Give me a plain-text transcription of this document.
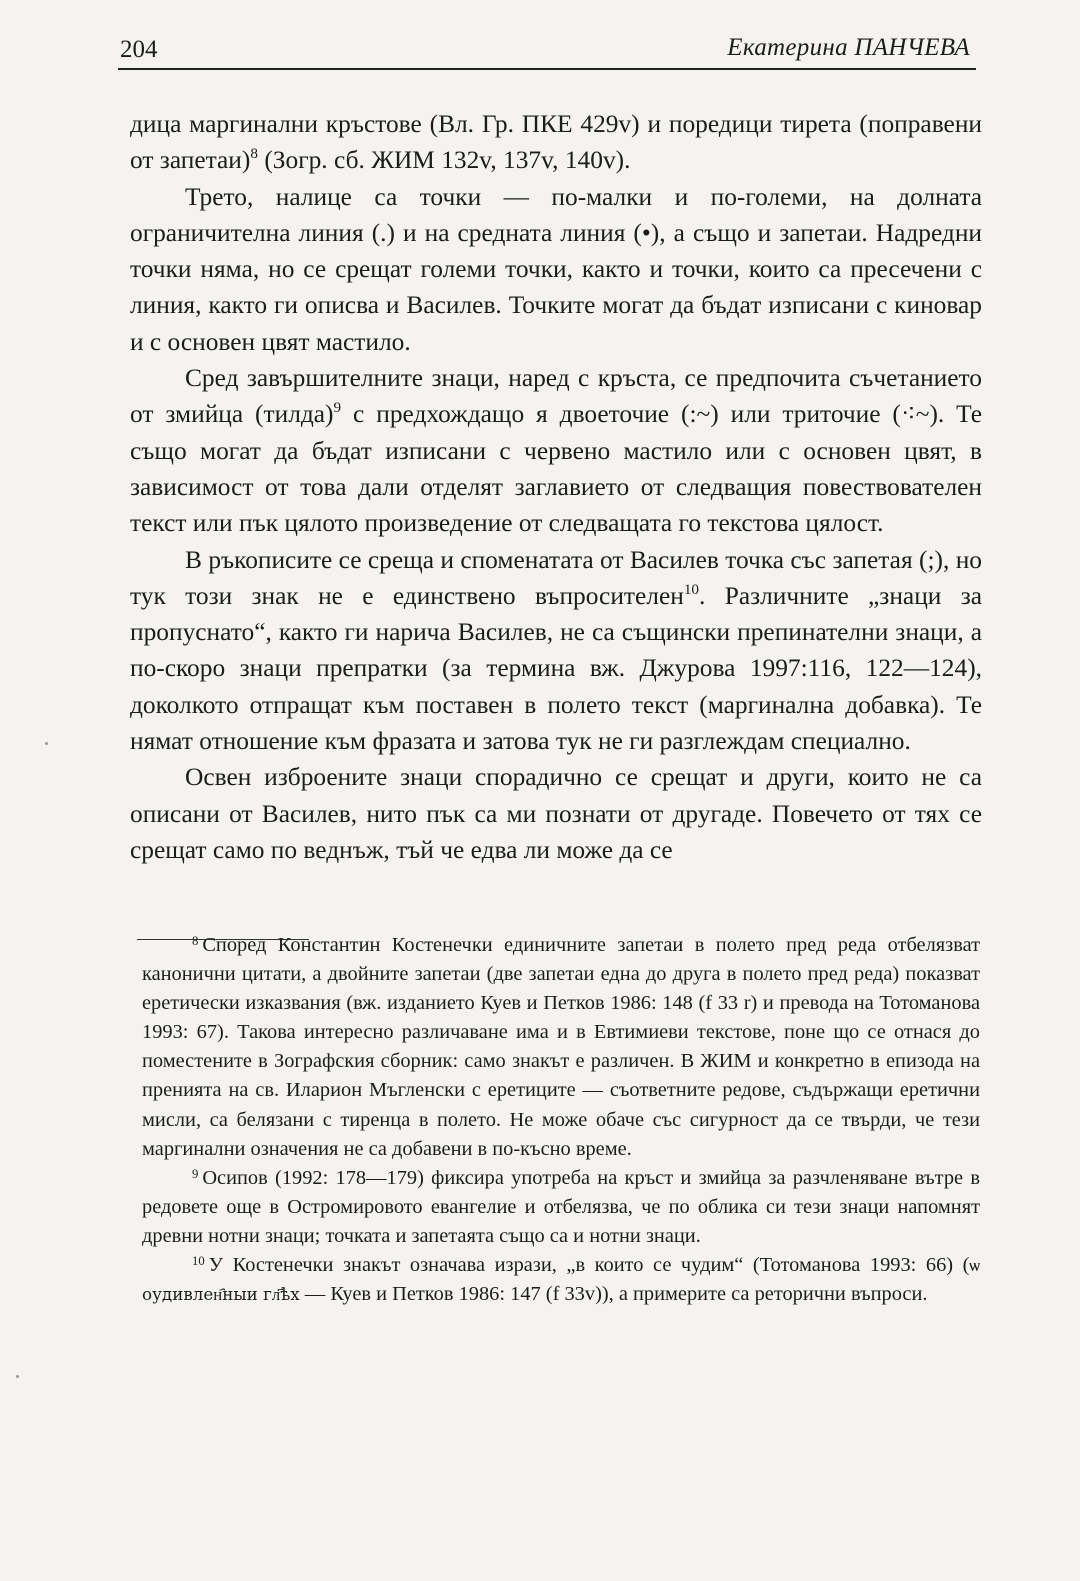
204	Екатерина ПАНЧЕВА

дица маргинални кръстове (Вл. Гр. ПКЕ 429v) и поредици тирета (поправени от запетаи)$^8$ (Зогр. сб. ЖИМ 132v, 137v, 140v).

Трето, налице са точки — по-малки и по-големи, на долната ограничителна линия (.) и на средната линия (•), а също и запетаи. Надредни точки няма, но се срещат големи точки, както и точки, които са пресечени с линия, както ги описва и Василев. Точките могат да бъдат изписани с киновар и с основен цвят мастило.

Сред завършителните знаци, наред с кръста, се предпочита съчетанието от змийца (тилда)$^9$ с предхождащо я двоеточие (:~) или триточие (⁖~). Те също могат да бъдат изписани с червено мастило или с основен цвят, в зависимост от това дали отделят заглавието от следващия повествователен текст или пък цялото произведение от следващата го текстова цялост.

В ръкописите се среща и споменатата от Василев точка със запетая (;), но тук този знак не е единствено въпросителен$^{10}$. Различните „знаци за пропуснато“, както ги нарича Василев, не са същински препинателни знаци, а по-скоро знаци препратки (за термина вж. Джурова 1997:116, 122—124), доколкото отпращат към поставен в полето текст (маргинална добавка). Те нямат отношение към фразата и затова тук не ги разглеждам специално.

Освен изброените знаци спорадично се срещат и други, които не са описани от Василев, нито пък са ми познати от другаде. Повечето от тях се срещат само по веднъж, тъй че едва ли може да се

$^8$ Според Константин Костенечки единичните запетаи в полето пред реда отбелязват канонични цитати, а двойните запетаи (две запетаи една до друга в полето пред реда) показват еретически изказвания (вж. изданието Куев и Петков 1986: 148 (f 33 r) и превода на Тотоманова 1993: 67). Такова интересно различаване има и в Евтимиеви текстове, поне що се отнася до поместените в Зографския сборник: само знакът е различен. В ЖИМ и конкретно в епизода на пренията на св. Иларион Мъгленски с еретиците — съответните редове, съдържащи еретични мисли, са белязани с тиренца в полето. Не може обаче със сигурност да се твърди, че тези маргинални означения не са добавени в по-късно време.

$^9$ Осипов (1992: 178—179) фиксира употреба на кръст и змийца за разчленяване вътре в редовете още в Остромировото евангелие и отбелязва, че по облика си тези знаци напомнят древни нотни знаци; точката и запетаята също са и нотни знаци.

$^{10}$ У Костенечки знакът означава изрази, „в които се чудим“ (Тотоманова 1993: 66) (ѡ оудивлен҄ныи гл҃ѣх — Куев и Петков 1986: 147 (f 33v)), а примерите са реторични въпроси.
